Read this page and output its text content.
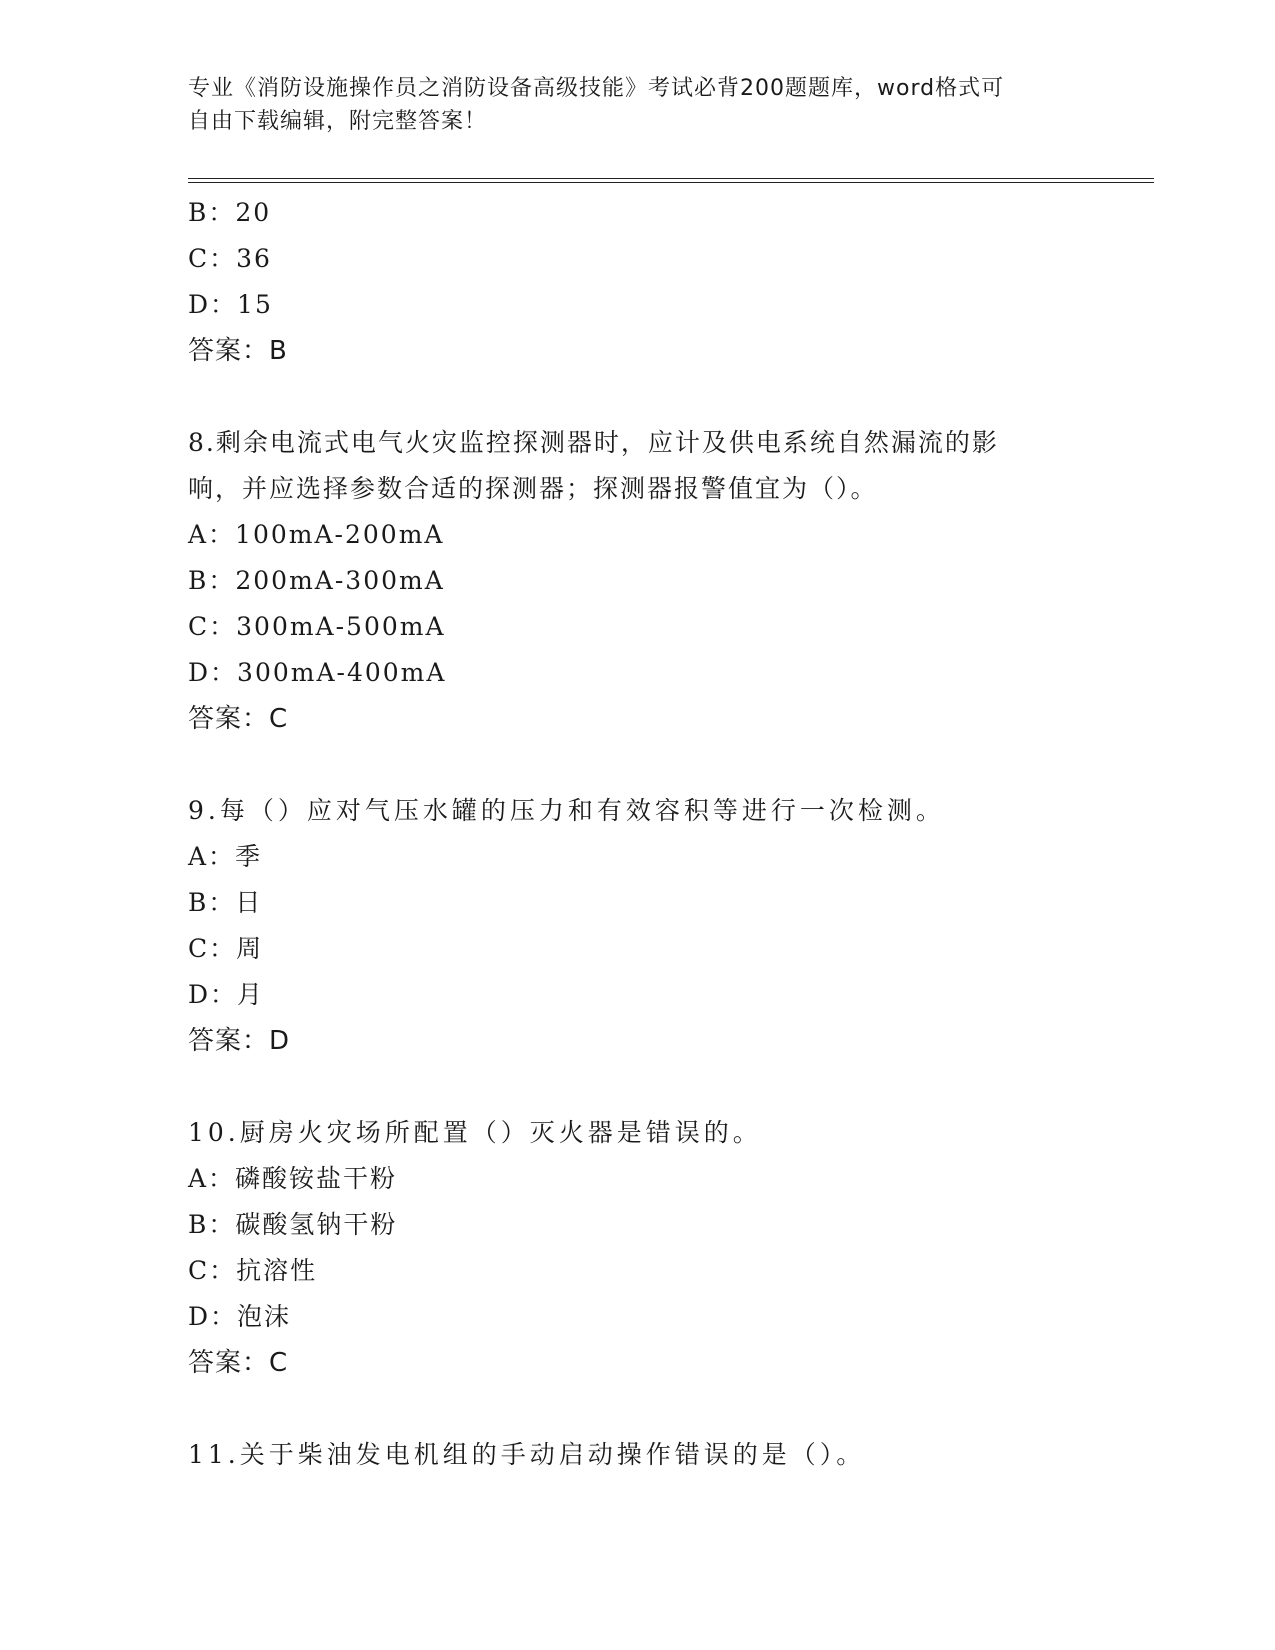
专业《消防设施操作员之消防设备高级技能》考试必背200题题库，word格式可
自由下载编辑，附完整答案！
B：20
C：36
D：15
答案：B
8.剩余电流式电气火灾监控探测器时，应计及供电系统自然漏流的影
响，并应选择参数合适的探测器；探测器报警值宜为（）。
A：100mA-200mA
B：200mA-300mA
C：300mA-500mA
D：300mA-400mA
答案：C
9.每（）应对气压水罐的压力和有效容积等进行一次检测。
A：季
B：日
C：周
D：月
答案：D
10.厨房火灾场所配置（）灭火器是错误的。
A：磷酸铵盐干粉
B：碳酸氢钠干粉
C：抗溶性
D：泡沫
答案：C
11.关于柴油发电机组的手动启动操作错误的是（）。
